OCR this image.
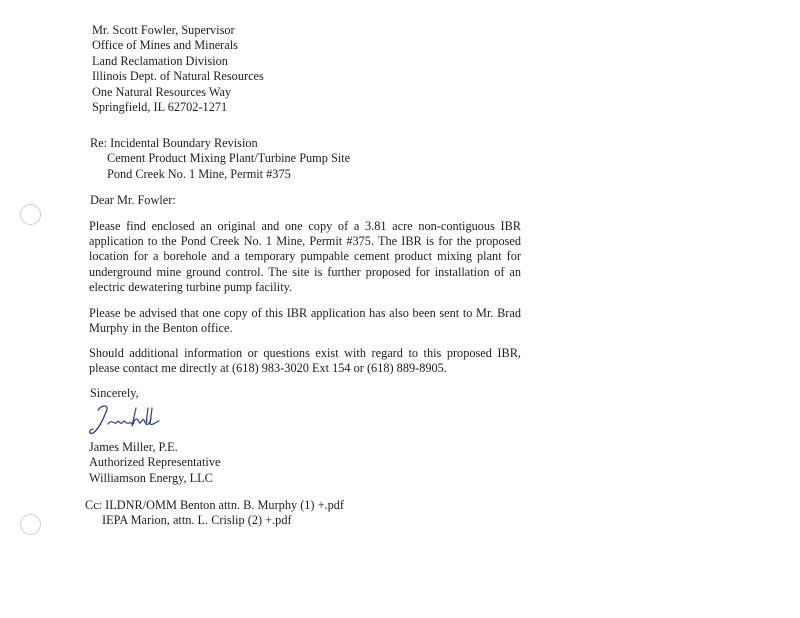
Mr. Scott Fowler, Supervisor
Office of Mines and Minerals
Land Reclamation Division
Illinois Dept. of Natural Resources
One Natural Resources Way
Springfield, IL 62702-1271
Re: Incidental Boundary Revision
Cement Product Mixing Plant/Turbine Pump Site
Pond Creek No. 1 Mine, Permit #375
Dear Mr. Fowler:

Please find enclosed an original and one copy of a 3.81 acre non-contiguous IBR application to the Pond Creek No. 1 Mine, Permit #375. The IBR is for the proposed location for a borehole and a temporary pumpable cement product mixing plant for underground mine ground control. The site is further proposed for installation of an electric dewatering turbine pump facility.

Please be advised that one copy of this IBR application has also been sent to Mr. Brad Murphy in the Benton office.

Should additional information or questions exist with regard to this proposed IBR, please contact me directly at (618) 983-3020 Ext 154 or (618) 889-8905.

Sincerely,
James Miller, P.E.
Authorized Representative
Williamson Energy, LLC
Cc: ILDNR/OMM Benton attn. B. Murphy (1) +.pdf
IEPA Marion, attn. L. Crislip (2) +.pdf
